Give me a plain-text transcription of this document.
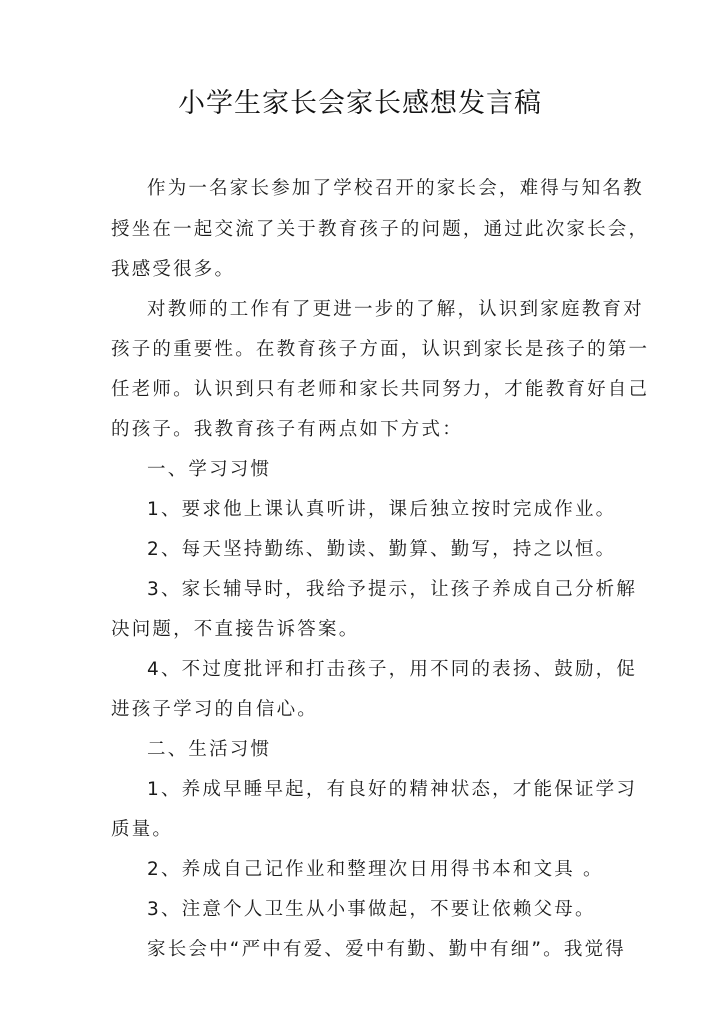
小学生家长会家长感想发言稿
作为一名家长参加了学校召开的家长会，难得与知名教
授坐在一起交流了关于教育孩子的问题，通过此次家长会，
我感受很多。
对教师的工作有了更进一步的了解，认识到家庭教育对
孩子的重要性。在教育孩子方面，认识到家长是孩子的第一
任老师。认识到只有老师和家长共同努力，才能教育好自己
的孩子。我教育孩子有两点如下方式：
一、学习习惯
1、要求他上课认真听讲，课后独立按时完成作业。
2、每天坚持勤练、勤读、勤算、勤写，持之以恒。
3、家长辅导时，我给予提示，让孩子养成自己分析解
决问题，不直接告诉答案。
4、不过度批评和打击孩子，用不同的表扬、鼓励，促
进孩子学习的自信心。
二、生活习惯
1、养成早睡早起，有良好的精神状态，才能保证学习
质量。
2、养成自己记作业和整理次日用得书本和文具 。
3、注意个人卫生从小事做起，不要让依赖父母。
家长会中“严中有爱、爱中有勤、勤中有细”。我觉得
